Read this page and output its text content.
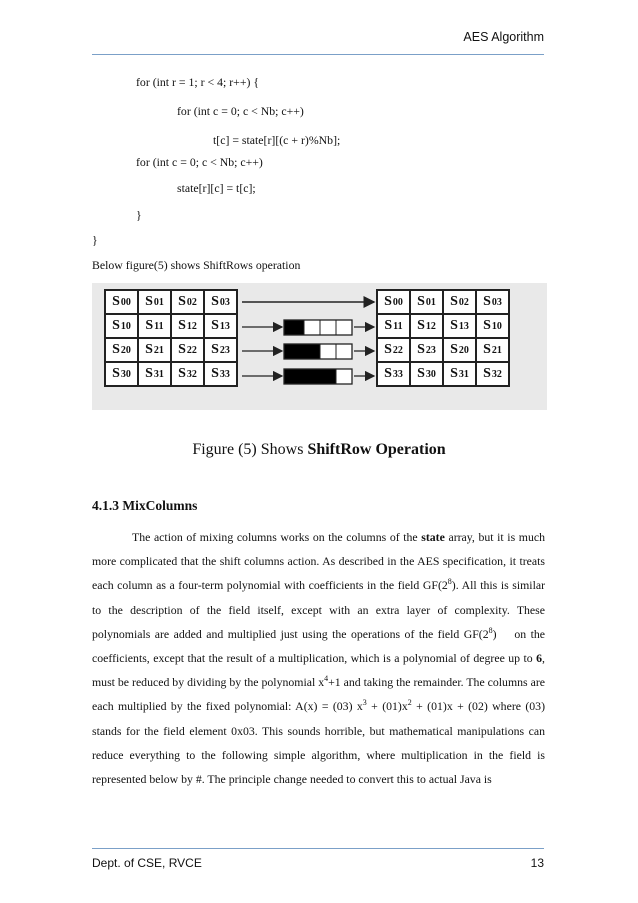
AES Algorithm
for (int r = 1; r < 4; r++) {
for (int c = 0; c < Nb; c++)
t[c] = state[r][(c + r)%Nb];
for (int c = 0; c < Nb; c++)
state[r][c] = t[c];
}
}
Below figure(5) shows ShiftRows operation
S 00 S 01 S 02 S 03
S 10 S 11 S 12 S 13
S 20 S 21 S 22 S 23
S 30 S 31 S 32 S 33
S 00 S 01 S 02 S 03
S 11 S 12 S 13 S 10
S 22 S 23 S 20 S 21
S 33 S 30 S 31 S 32
Figure (5) Shows ShiftRow Operation
4.1.3 MixColumns
The action of mixing columns works on the columns of the state array, but it is much more complicated that the shift columns action. As described in the AES specification, it treats each column as a four-term polynomial with coefficients in the field $GF(2^8)$. All this is similar to the description of the field itself, except with an extra layer of complexity. These polynomials are added and multiplied just using the operations of the field $GF(2^8)$    on the coefficients, except that the result of a multiplication, which is a polynomial of degree up to 6, must be reduced by dividing by the polynomial $x^4+1$ and taking the remainder. The columns are each multiplied by the fixed polynomial: A(x) = (03) $x^3 + (01)x^2 + (01)x + (02)$ where (03) stands for the field element 0x03. This sounds horrible, but mathematical manipulations can reduce everything to the following simple algorithm, where multiplication in the field is represented below by #. The principle change needed to convert this to actual Java is
Dept. of CSE, RVCE	13
